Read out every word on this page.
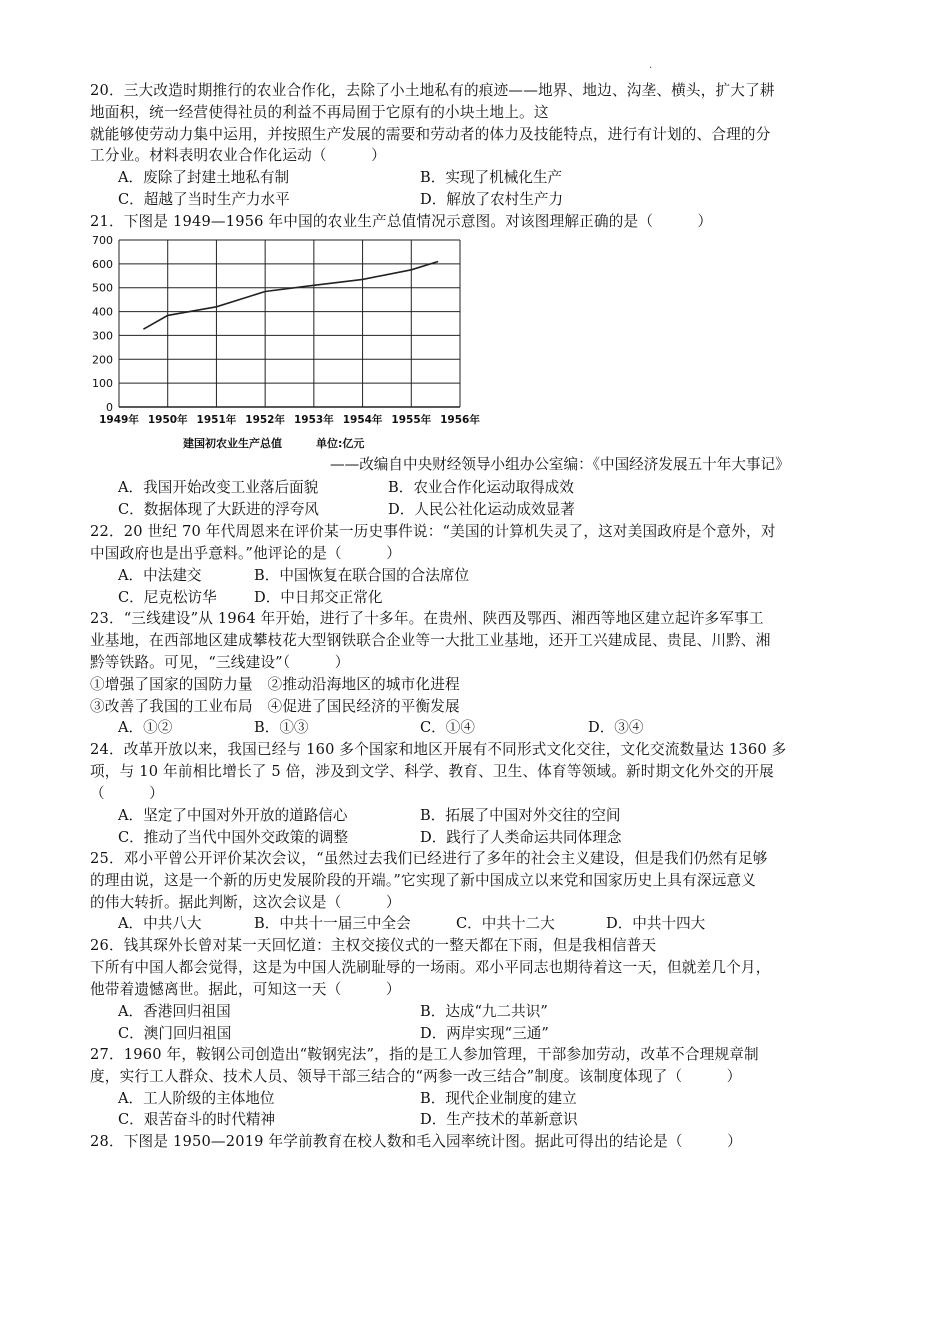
.
20．三大改造时期推行的农业合作化，去除了小土地私有的痕迹——地界、地边、沟垄、横头，扩大了耕
地面积，统一经营使得社员的利益不再局囿于它原有的小块土地上。这
就能够使劳动力集中运用，并按照生产发展的需要和劳动者的体力及技能特点，进行有计划的、合理的分
工分业。材料表明农业合作化运动（　　　）
A．废除了封建土地私有制	B．实现了机械化生产
C．超越了当时生产力水平	D．解放了农村生产力
21．下图是 1949—1956 年中国的农业生产总值情况示意图。对该图理解正确的是（　　　）
0
100
200
300
400
500
600
700
1949年 1950年 1951年 1952年 1953年 1954年 1955年 1956年
建国初农业生产总值	单位:亿元
——改编自中央财经领导小组办公室编：《中国经济发展五十年大事记》
A．我国开始改变工业落后面貌	B．农业合作化运动取得成效
C．数据体现了大跃进的浮夸风	D．人民公社化运动成效显著
22．20 世纪 70 年代周恩来在评价某一历史事件说：“美国的计算机失灵了，这对美国政府是个意外，对
中国政府也是出乎意料。”他评论的是（　　　）
A．中法建交	B．中国恢复在联合国的合法席位
C．尼克松访华	D．中日邦交正常化
23．“三线建设”从 1964 年开始，进行了十多年。在贵州、陕西及鄂西、湘西等地区建立起许多军事工
业基地，在西部地区建成攀枝花大型钢铁联合企业等一大批工业基地，还开工兴建成昆、贵昆、川黔、湘
黔等铁路。可见，“三线建设”（　　　）
①增强了国家的国防力量　②推动沿海地区的城市化进程
③改善了我国的工业布局　④促进了国民经济的平衡发展
A．①②	B．①③	C．①④	D．③④
24．改革开放以来，我国已经与 160 多个国家和地区开展有不同形式文化交往，文化交流数量达 1360 多
项，与 10 年前相比增长了 5 倍，涉及到文学、科学、教育、卫生、体育等领域。新时期文化外交的开展
（　　　）
A．坚定了中国对外开放的道路信心	B．拓展了中国对外交往的空间
C．推动了当代中国外交政策的调整	D．践行了人类命运共同体理念
25．邓小平曾公开评价某次会议，“虽然过去我们已经进行了多年的社会主义建设，但是我们仍然有足够
的理由说，这是一个新的历史发展阶段的开端。”它实现了新中国成立以来党和国家历史上具有深远意义
的伟大转折。据此判断，这次会议是（　　　）
A．中共八大	B．中共十一届三中全会	C．中共十二大	D．中共十四大
26．钱其琛外长曾对某一天回忆道：主权交接仪式的一整天都在下雨，但是我相信普天
下所有中国人都会觉得，这是为中国人洗刷耻辱的一场雨。邓小平同志也期待着这一天，但就差几个月，
他带着遗憾离世。据此，可知这一天（　　　）
A．香港回归祖国	B．达成“九二共识”
C．澳门回归祖国	D．两岸实现“三通”
27．1960 年，鞍钢公司创造出“鞍钢宪法”，指的是工人参加管理，干部参加劳动，改革不合理规章制
度，实行工人群众、技术人员、领导干部三结合的“两参一改三结合”制度。该制度体现了（　　　）
A．工人阶级的主体地位	B．现代企业制度的建立
C．艰苦奋斗的时代精神	D．生产技术的革新意识
28．下图是 1950—2019 年学前教育在校人数和毛入园率统计图。据此可得出的结论是（　　　）
